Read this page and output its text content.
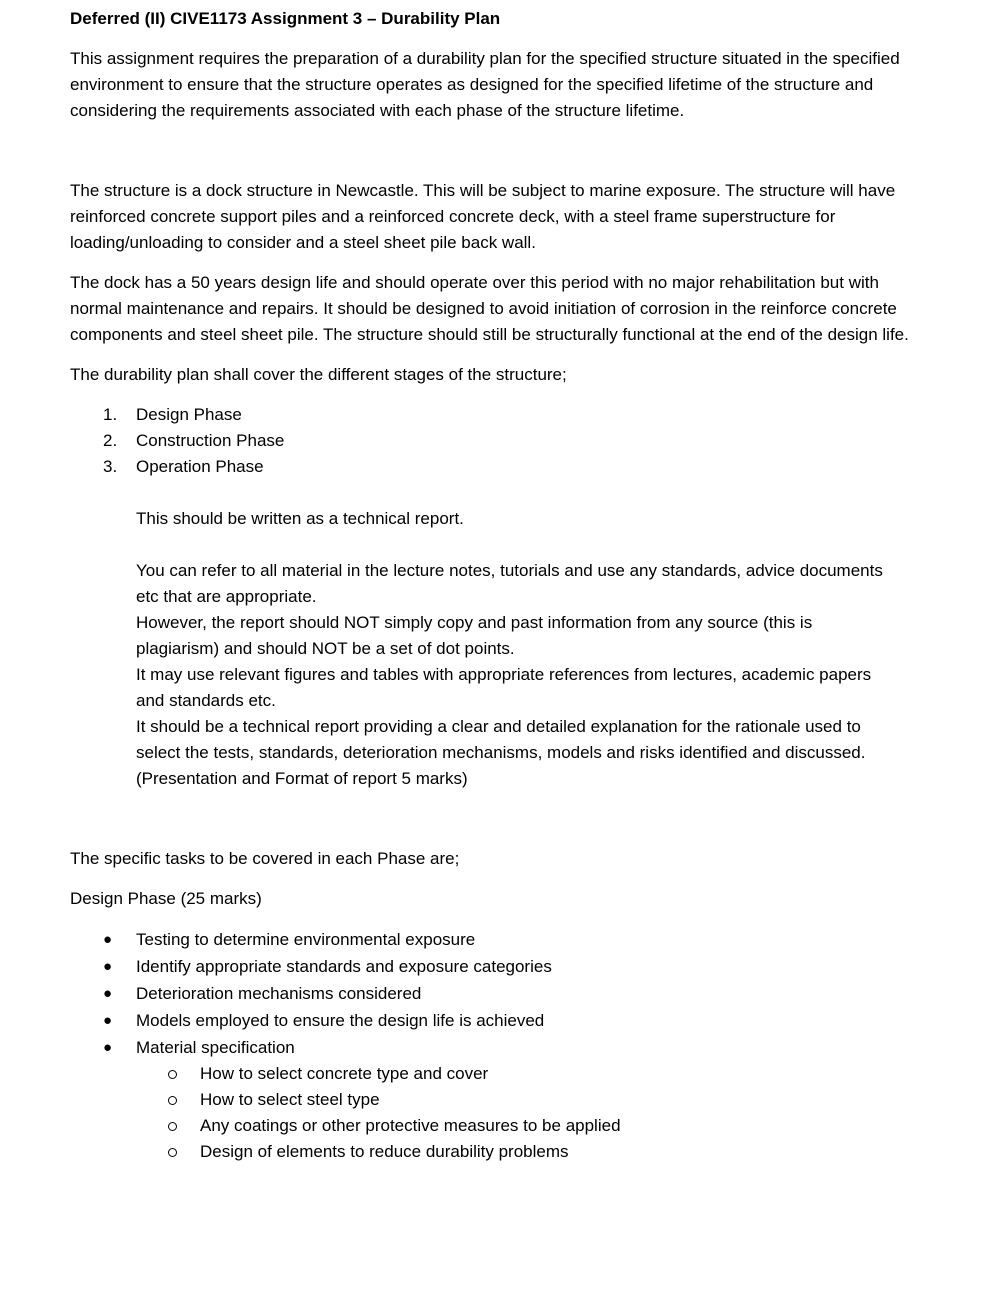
Deferred (II) CIVE1173 Assignment 3 – Durability Plan

This assignment requires the preparation of a durability plan for the specified structure situated in the specified environment to ensure that the structure operates as designed for the specified lifetime of the structure and considering the requirements associated with each phase of the structure lifetime.

The structure is a dock structure in Newcastle. This will be subject to marine exposure. The structure will have reinforced concrete support piles and a reinforced concrete deck, with a steel frame superstructure for loading/unloading to consider and a steel sheet pile back wall.

The dock has a 50 years design life and should operate over this period with no major rehabilitation but with normal maintenance and repairs. It should be designed to avoid initiation of corrosion in the reinforce concrete components and steel sheet pile. The structure should still be structurally functional at the end of the design life.

The durability plan shall cover the different stages of the structure;

1.	Design Phase
2.	Construction Phase
3.	Operation Phase

This should be written as a technical report.

You can refer to all material in the lecture notes, tutorials and use any standards, advice documents etc that are appropriate.

However, the report should NOT simply copy and past information from any source (this is plagiarism) and should NOT be a set of dot points.

It may use relevant figures and tables with appropriate references from lectures, academic papers and standards etc.

It should be a technical report providing a clear and detailed explanation for the rationale used to select the tests, standards, deterioration mechanisms, models and risks identified and discussed.

(Presentation and Format of report 5 marks)

The specific tasks to be covered in each Phase are;

Design Phase (25 marks)

● Testing to determine environmental exposure
● Identify appropriate standards and exposure categories
● Deterioration mechanisms considered
● Models employed to ensure the design life is achieved
● Material specification
How to select concrete type and cover
How to select steel type
Any coatings or other protective measures to be applied
Design of elements to reduce durability problems
